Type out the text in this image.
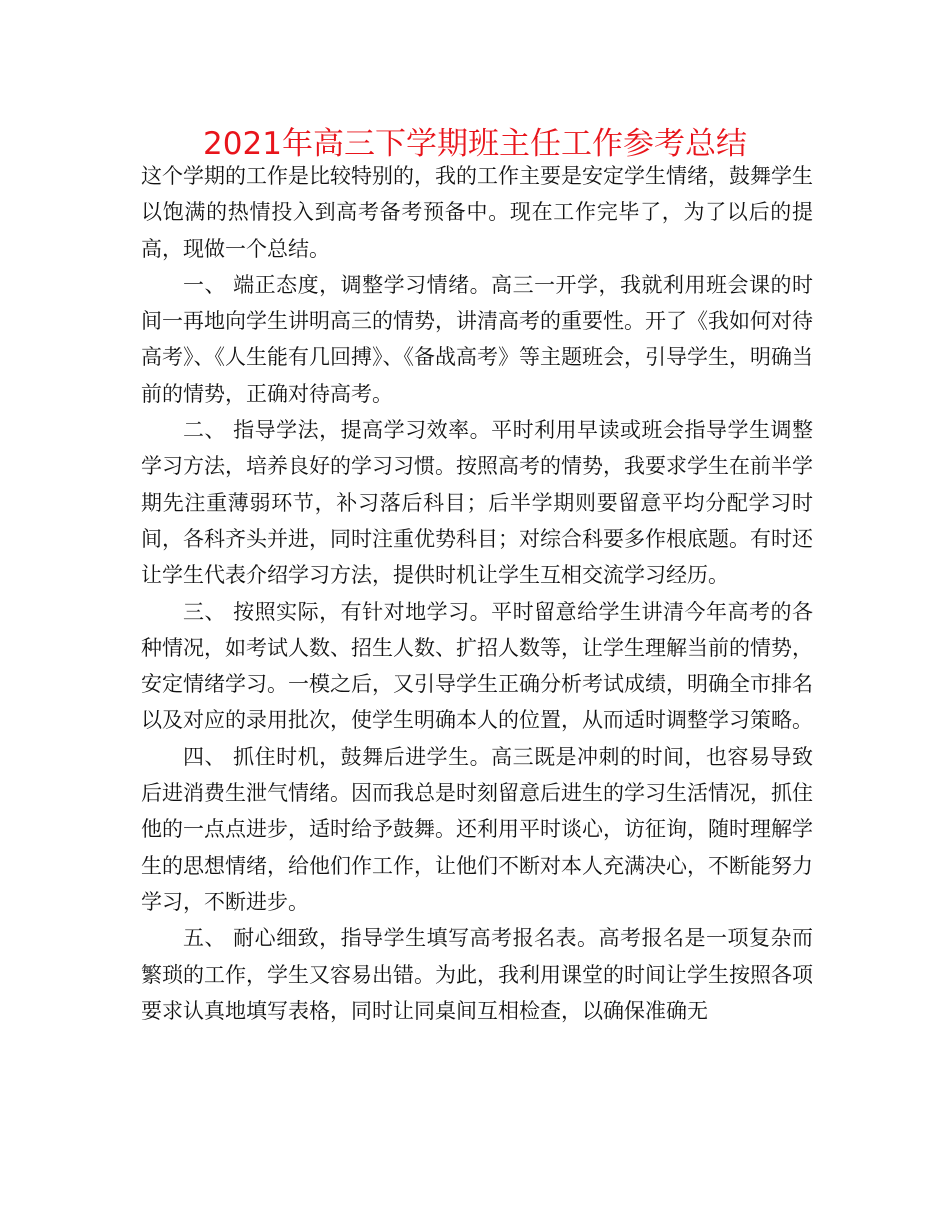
2021年高三下学期班主任工作参考总结

这个学期的工作是比较特别的，我的工作主要是安定学生情绪，鼓舞学生以饱满的热情投入到高考备考预备中。现在工作完毕了，为了以后的提高，现做一个总结。

一、 端正态度，调整学习情绪。高三一开学，我就利用班会课的时间一再地向学生讲明高三的情势，讲清高考的重要性。开了《我如何对待高考》、《人生能有几回搏》、《备战高考》等主题班会，引导学生，明确当前的情势，正确对待高考。

二、 指导学法，提高学习效率。平时利用早读或班会指导学生调整学习方法，培养良好的学习习惯。按照高考的情势，我要求学生在前半学期先注重薄弱环节，补习落后科目；后半学期则要留意平均分配学习时间，各科齐头并进，同时注重优势科目；对综合科要多作根底题。有时还让学生代表介绍学习方法，提供时机让学生互相交流学习经历。

三、 按照实际，有针对地学习。平时留意给学生讲清今年高考的各种情况，如考试人数、招生人数、扩招人数等，让学生理解当前的情势，安定情绪学习。一模之后，又引导学生正确分析考试成绩，明确全市排名以及对应的录用批次，使学生明确本人的位置，从而适时调整学习策略。

四、 抓住时机，鼓舞后进学生。高三既是冲刺的时间，也容易导致后进消费生泄气情绪。因而我总是时刻留意后进生的学习生活情况，抓住他的一点点进步，适时给予鼓舞。还利用平时谈心，访征询，随时理解学生的思想情绪，给他们作工作，让他们不断对本人充满决心，不断能努力学习，不断进步。

五、 耐心细致，指导学生填写高考报名表。高考报名是一项复杂而繁琐的工作，学生又容易出错。为此，我利用课堂的时间让学生按照各项要求认真地填写表格，同时让同桌间互相检查，以确保准确无
